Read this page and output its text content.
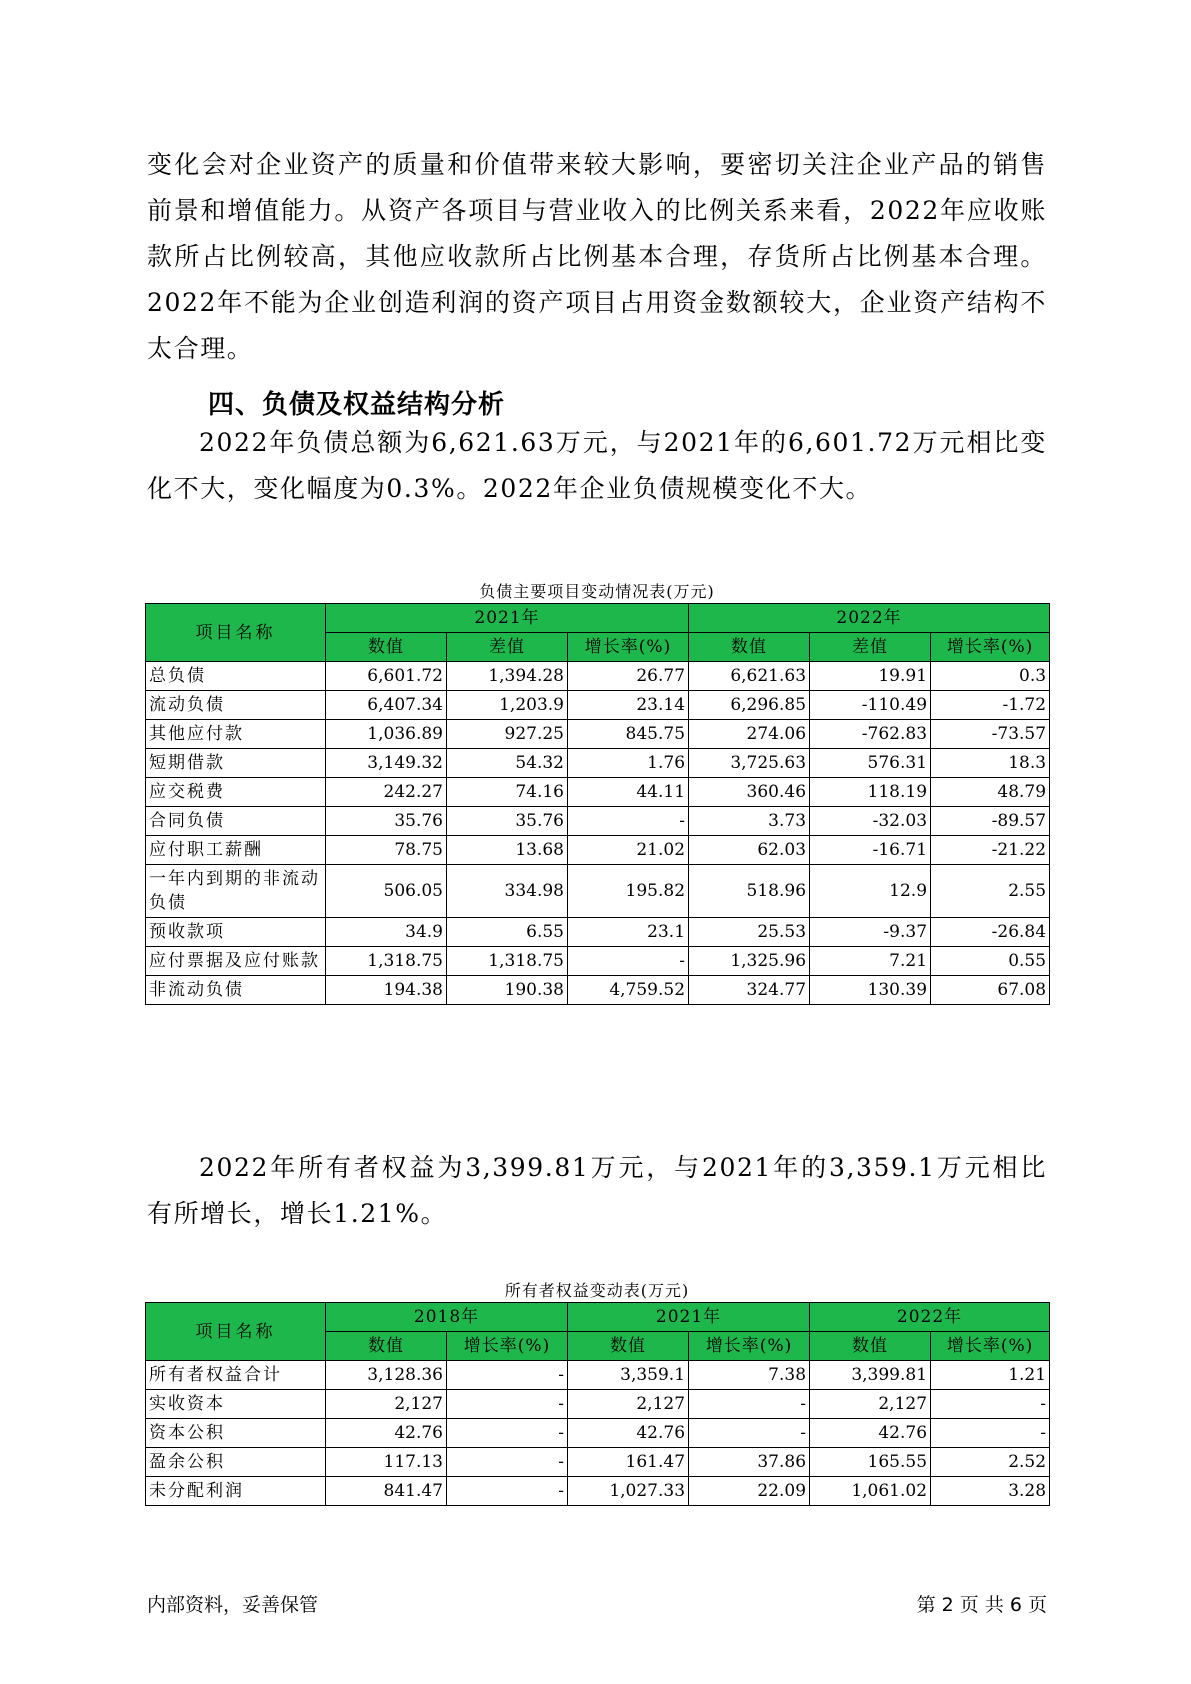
变化会对企业资产的质量和价值带来较大影响，要密切关注企业产品的销售前景和增值能力。从资产各项目与营业收入的比例关系来看，2022年应收账款所占比例较高，其他应收款所占比例基本合理，存货所占比例基本合理。2022年不能为企业创造利润的资产项目占用资金数额较大，企业资产结构不太合理。

四、负债及权益结构分析

2022年负债总额为6,621.63万元，与2021年的6,601.72万元相比变化不大，变化幅度为0.3%。2022年企业负债规模变化不大。

负债主要项目变动情况表(万元)
项目名称	2021年			2022年		
	数值	差值	增长率(%)	数值	差值	增长率(%)
总负债	6,601.72	1,394.28	26.77	6,621.63	19.91	0.3
流动负债	6,407.34	1,203.9	23.14	6,296.85	-110.49	-1.72
其他应付款	1,036.89	927.25	845.75	274.06	-762.83	-73.57
短期借款	3,149.32	54.32	1.76	3,725.63	576.31	18.3
应交税费	242.27	74.16	44.11	360.46	118.19	48.79
合同负债	35.76	35.76	-	3.73	-32.03	-89.57
应付职工薪酬	78.75	13.68	21.02	62.03	-16.71	-21.22
一年内到期的非流动负债	506.05	334.98	195.82	518.96	12.9	2.55
预收款项	34.9	6.55	23.1	25.53	-9.37	-26.84
应付票据及应付账款	1,318.75	1,318.75	-	1,325.96	7.21	0.55
非流动负债	194.38	190.38	4,759.52	324.77	130.39	67.08

2022年所有者权益为3,399.81万元，与2021年的3,359.1万元相比有所增长，增长1.21%。

所有者权益变动表(万元)
项目名称	2018年		2021年		2022年	
	数值	增长率(%)	数值	增长率(%)	数值	增长率(%)
所有者权益合计	3,128.36	-	3,359.1	7.38	3,399.81	1.21
实收资本	2,127	-	2,127	-	2,127	-
资本公积	42.76	-	42.76	-	42.76	-
盈余公积	117.13	-	161.47	37.86	165.55	2.52
未分配利润	841.47	-	1,027.33	22.09	1,061.02	3.28
内部资料，妥善保管	第 2 页 共 6 页
